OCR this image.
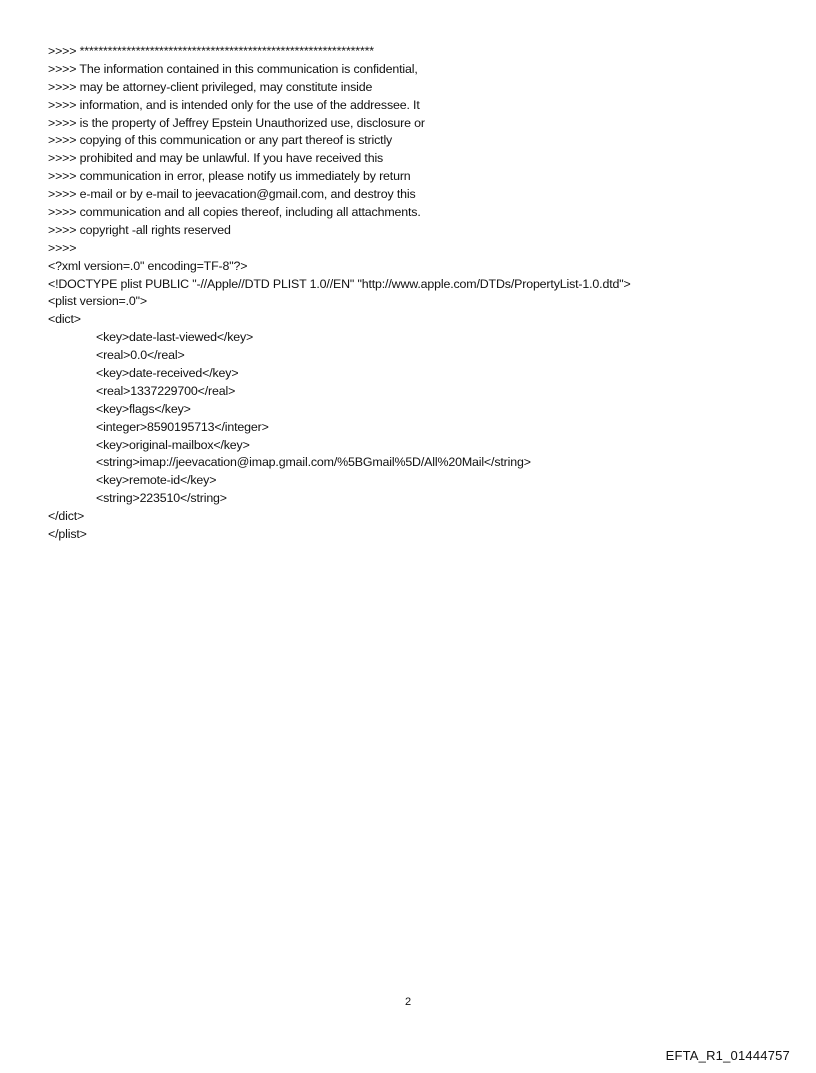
>>>> ***************************************************************
>>>> The information contained in this communication is confidential,
>>>> may be attorney-client privileged, may constitute inside
>>>> information, and is intended only for the use of the addressee. It
>>>> is the property of Jeffrey Epstein Unauthorized use, disclosure or
>>>> copying of this communication or any part thereof is strictly
>>>> prohibited and may be unlawful. If you have received this
>>>> communication in error, please notify us immediately by return
>>>> e-mail or by e-mail to jeevacation@gmail.com, and destroy this
>>>> communication and all copies thereof, including all attachments.
>>>> copyright -all rights reserved
>>>>
<?xml version=.0" encoding=TF-8"?>
<!DOCTYPE plist PUBLIC "-//Apple//DTD PLIST 1.0//EN" "http://www.apple.com/DTDs/PropertyList-1.0.dtd">
<plist version=.0">
<dict>
<key>date-last-viewed</key>
<real>0.0</real>
<key>date-received</key>
<real>1337229700</real>
<key>flags</key>
<integer>8590195713</integer>
<key>original-mailbox</key>
<string>imap://jeevacation@imap.gmail.com/%5BGmail%5D/All%20Mail</string>
<key>remote-id</key>
<string>223510</string>
</dict>
</plist>
2
EFTA_R1_01444757
